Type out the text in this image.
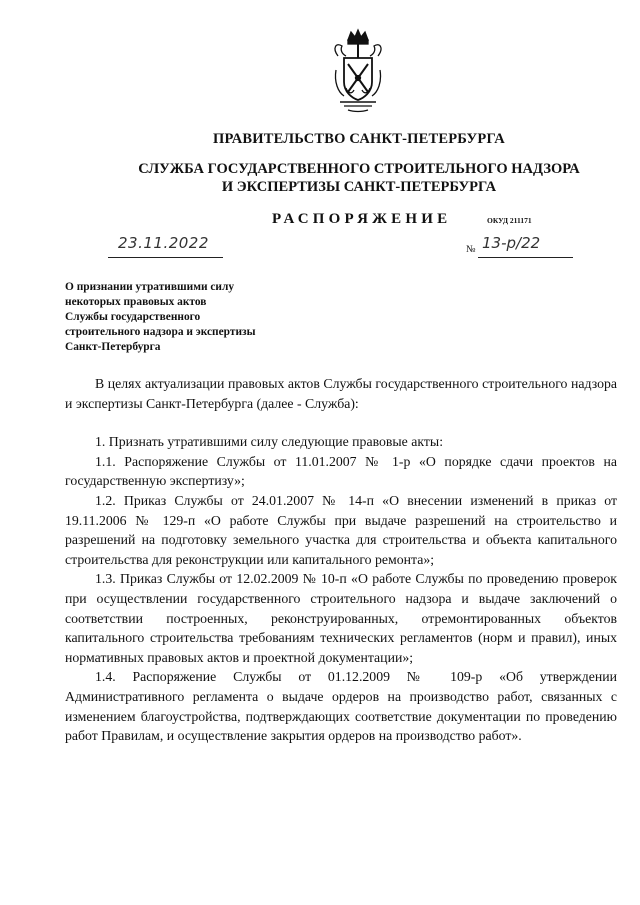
ПРАВИТЕЛЬСТВО САНКТ-ПЕТЕРБУРГА
СЛУЖБА ГОСУДАРСТВЕННОГО СТРОИТЕЛЬНОГО НАДЗОРА
И ЭКСПЕРТИЗЫ САНКТ-ПЕТЕРБУРГА
РАСПОРЯЖЕНИЕ	ОКУД 211171
23.11.2022	№ 13-р/22
О признании утратившими силу
некоторых правовых актов
Службы государственного
строительного надзора и экспертизы
Санкт-Петербурга

В целях актуализации правовых актов Службы государственного строительного надзора и экспертизы Санкт-Петербурга (далее - Служба):

1. Признать утратившими силу следующие правовые акты:

1.1. Распоряжение Службы от 11.01.2007 № 1-р «О порядке сдачи проектов на государственную экспертизу»;

1.2. Приказ Службы от 24.01.2007 № 14-п «О внесении изменений в приказ от 19.11.2006 № 129-п «О работе Службы при выдаче разрешений на строительство и разрешений на подготовку земельного участка для строительства и объекта капитального строительства для реконструкции или капитального ремонта»;

1.3. Приказ Службы от 12.02.2009 № 10-п «О работе Службы по проведению проверок при осуществлении государственного строительного надзора и выдаче заключений о соответствии построенных, реконструированных, отремонтированных объектов капитального строительства требованиям технических регламентов (норм и правил), иных нормативных правовых актов и проектной документации»;

1.4. Распоряжение Службы от 01.12.2009 № 109-р «Об утверждении Административного регламента о выдаче ордеров на производство работ, связанных с изменением благоустройства, подтверждающих соответствие документации по проведению работ Правилам, и осуществление закрытия ордеров на производство работ».
